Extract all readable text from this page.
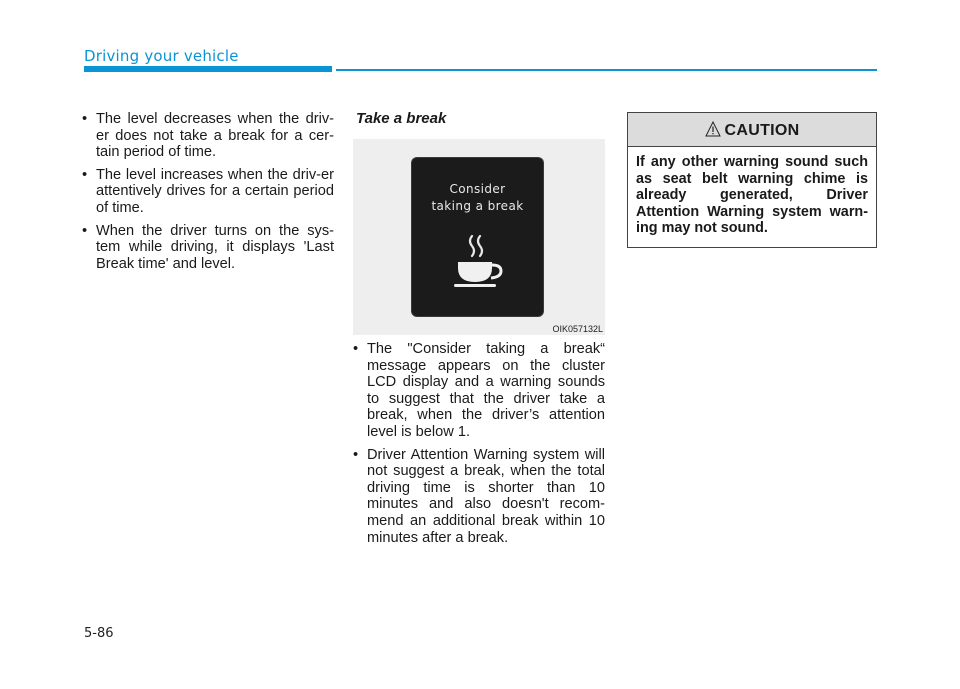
Driving your vehicle
• The level decreases when the driv-er does not take a break for a cer-tain period of time.
• The level increases when the driv-er attentively drives for a certain period of time.
• When the driver turns on the sys-tem while driving, it displays 'Last Break time' and level.
Take a break
Consider
taking a break
OIK057132L
• The "Consider taking a break“ message appears on the cluster LCD display and a warning sounds to suggest that the driver take a break, when the driver’s attention level is below 1.
• Driver Attention Warning system will not suggest a break, when the total driving time is shorter than 10 minutes and also doesn't recom-mend an additional break within 10 minutes after a break.
CAUTION
If any other warning sound such as seat belt warning chime is already generated, Driver Attention Warning system warn-ing may not sound.
5-86
